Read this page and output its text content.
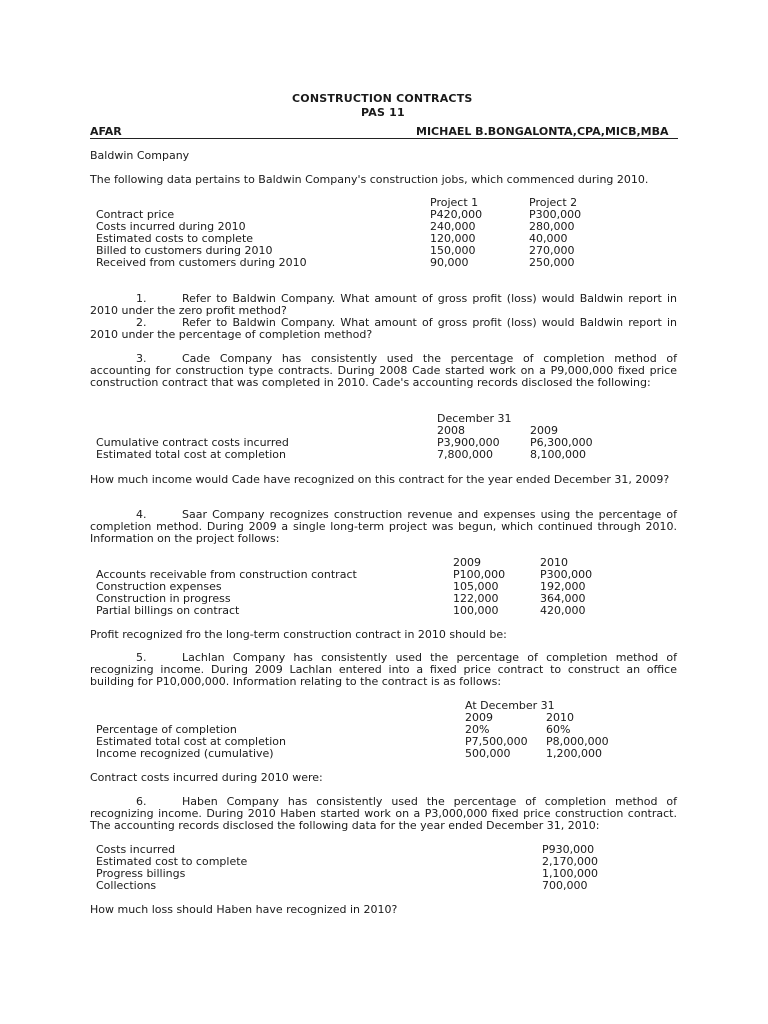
CONSTRUCTION CONTRACTS
PAS 11
AFAR	MICHAEL B.BONGALONTA,CPA,MICB,MBA
Baldwin Company
The following data pertains to Baldwin Company's construction jobs, which commenced during 2010.
Project 1	Project 2
Contract price	P420,000	P300,000
Costs incurred during 2010	240,000	280,000
Estimated costs to complete	120,000	40,000
Billed to customers during 2010	150,000	270,000
Received from customers during 2010	90,000	250,000
1.	Refer to Baldwin Company. What amount of gross profit (loss) would Baldwin report in 2010 under the zero profit method?
2.	Refer to Baldwin Company. What amount of gross profit (loss) would Baldwin report in 2010 under the percentage of completion method?
3.	Cade Company has consistently used the percentage of completion method of accounting for construction type contracts. During 2008 Cade started work on a P9,000,000 fixed price construction contract that was completed in 2010. Cade's accounting records disclosed the following:
December 31
2008	2009
Cumulative contract costs incurred	P3,900,000	P6,300,000
Estimated total cost at completion	7,800,000	8,100,000
How much income would Cade have recognized on this contract for the year ended December 31, 2009?
4.	Saar Company recognizes construction revenue and expenses using the percentage of completion method. During 2009 a single long-term project was begun, which continued through 2010. Information on the project follows:
2009	2010
Accounts receivable from construction contract	P100,000	P300,000
Construction expenses	105,000	192,000
Construction in progress	122,000	364,000
Partial billings on contract	100,000	420,000
Profit recognized fro the long-term construction contract in 2010 should be:
5.	Lachlan Company has consistently used the percentage of completion method of recognizing income. During 2009 Lachlan entered into a fixed price contract to construct an office building for P10,000,000. Information relating to the contract is as follows:
At December 31
2009	2010
Percentage of completion	20%	60%
Estimated total cost at completion	P7,500,000 P8,000,000
Income recognized (cumulative)	500,000	1,200,000
Contract costs incurred during 2010 were:
6.	Haben Company has consistently used the percentage of completion method of recognizing income. During 2010 Haben started work on a P3,000,000 fixed price construction contract. The accounting records disclosed the following data for the year ended December 31, 2010:
Costs incurred	P930,000
Estimated cost to complete	2,170,000
Progress billings	1,100,000
Collections	700,000
How much loss should Haben have recognized in 2010?
